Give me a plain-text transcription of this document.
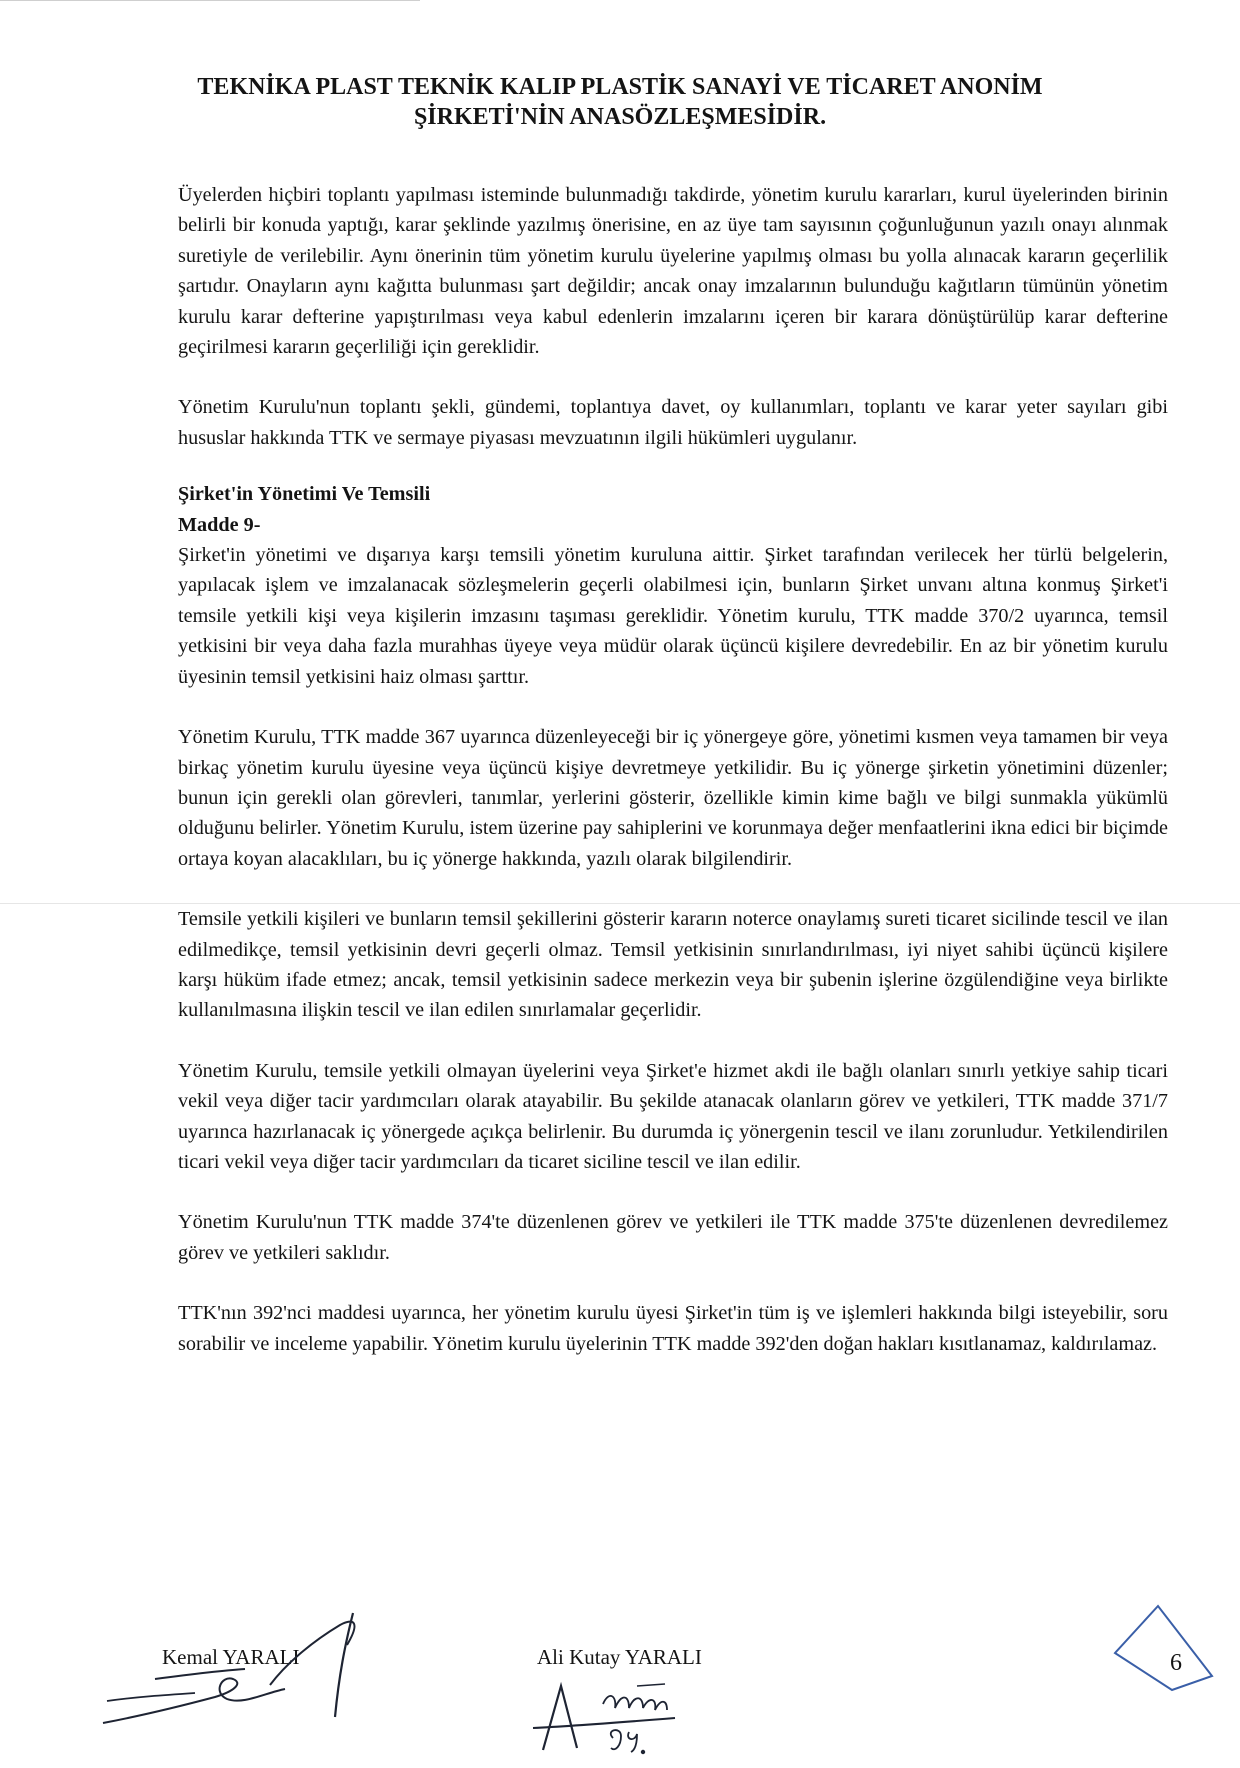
TEKNİKA PLAST TEKNİK KALIP PLASTİK SANAYİ VE TİCARET ANONİM
ŞİRKETİ'NİN ANASÖZLEŞMESİDİR.

Üyelerden hiçbiri toplantı yapılması isteminde bulunmadığı takdirde, yönetim kurulu kararları, kurul üyelerinden birinin belirli bir konuda yaptığı, karar şeklinde yazılmış önerisine, en az üye tam sayısının çoğunluğunun yazılı onayı alınmak suretiyle de verilebilir. Aynı önerinin tüm yönetim kurulu üyelerine yapılmış olması bu yolla alınacak kararın geçerlilik şartıdır. Onayların aynı kağıtta bulunması şart değildir; ancak onay imzalarının bulunduğu kağıtların tümünün yönetim kurulu karar defterine yapıştırılması veya kabul edenlerin imzalarını içeren bir karara dönüştürülüp karar defterine geçirilmesi kararın geçerliliği için gereklidir.

Yönetim Kurulu'nun toplantı şekli, gündemi, toplantıya davet, oy kullanımları, toplantı ve karar yeter sayıları gibi hususlar hakkında TTK ve sermaye piyasası mevzuatının ilgili hükümleri uygulanır.

Şirket'in Yönetimi Ve Temsili
Madde 9-

Şirket'in yönetimi ve dışarıya karşı temsili yönetim kuruluna aittir. Şirket tarafından verilecek her türlü belgelerin, yapılacak işlem ve imzalanacak sözleşmelerin geçerli olabilmesi için, bunların Şirket unvanı altına konmuş Şirket'i temsile yetkili kişi veya kişilerin imzasını taşıması gereklidir. Yönetim kurulu, TTK madde 370/2 uyarınca, temsil yetkisini bir veya daha fazla murahhas üyeye veya müdür olarak üçüncü kişilere devredebilir. En az bir yönetim kurulu üyesinin temsil yetkisini haiz olması şarttır.

Yönetim Kurulu, TTK madde 367 uyarınca düzenleyeceği bir iç yönergeye göre, yönetimi kısmen veya tamamen bir veya birkaç yönetim kurulu üyesine veya üçüncü kişiye devretmeye yetkilidir. Bu iç yönerge şirketin yönetimini düzenler; bunun için gerekli olan görevleri, tanımlar, yerlerini gösterir, özellikle kimin kime bağlı ve bilgi sunmakla yükümlü olduğunu belirler. Yönetim Kurulu, istem üzerine pay sahiplerini ve korunmaya değer menfaatlerini ikna edici bir biçimde ortaya koyan alacaklıları, bu iç yönerge hakkında, yazılı olarak bilgilendirir.

Temsile yetkili kişileri ve bunların temsil şekillerini gösterir kararın noterce onaylamış sureti ticaret sicilinde tescil ve ilan edilmedikçe, temsil yetkisinin devri geçerli olmaz. Temsil yetkisinin sınırlandırılması, iyi niyet sahibi üçüncü kişilere karşı hüküm ifade etmez; ancak, temsil yetkisinin sadece merkezin veya bir şubenin işlerine özgülendiğine veya birlikte kullanılmasına ilişkin tescil ve ilan edilen sınırlamalar geçerlidir.

Yönetim Kurulu, temsile yetkili olmayan üyelerini veya Şirket'e hizmet akdi ile bağlı olanları sınırlı yetkiye sahip ticari vekil veya diğer tacir yardımcıları olarak atayabilir. Bu şekilde atanacak olanların görev ve yetkileri, TTK madde 371/7 uyarınca hazırlanacak iç yönergede açıkça belirlenir. Bu durumda iç yönergenin tescil ve ilanı zorunludur. Yetkilendirilen ticari vekil veya diğer tacir yardımcıları da ticaret siciline tescil ve ilan edilir.

Yönetim Kurulu'nun TTK madde 374'te düzenlenen görev ve yetkileri ile TTK madde 375'te düzenlenen devredilemez görev ve yetkileri saklıdır.

TTK'nın 392'nci maddesi uyarınca, her yönetim kurulu üyesi Şirket'in tüm iş ve işlemleri hakkında bilgi isteyebilir, soru sorabilir ve inceleme yapabilir. Yönetim kurulu üyelerinin TTK madde 392'den doğan hakları kısıtlanamaz, kaldırılamaz.

Kemal YARALI	Ali Kutay YARALI	6
